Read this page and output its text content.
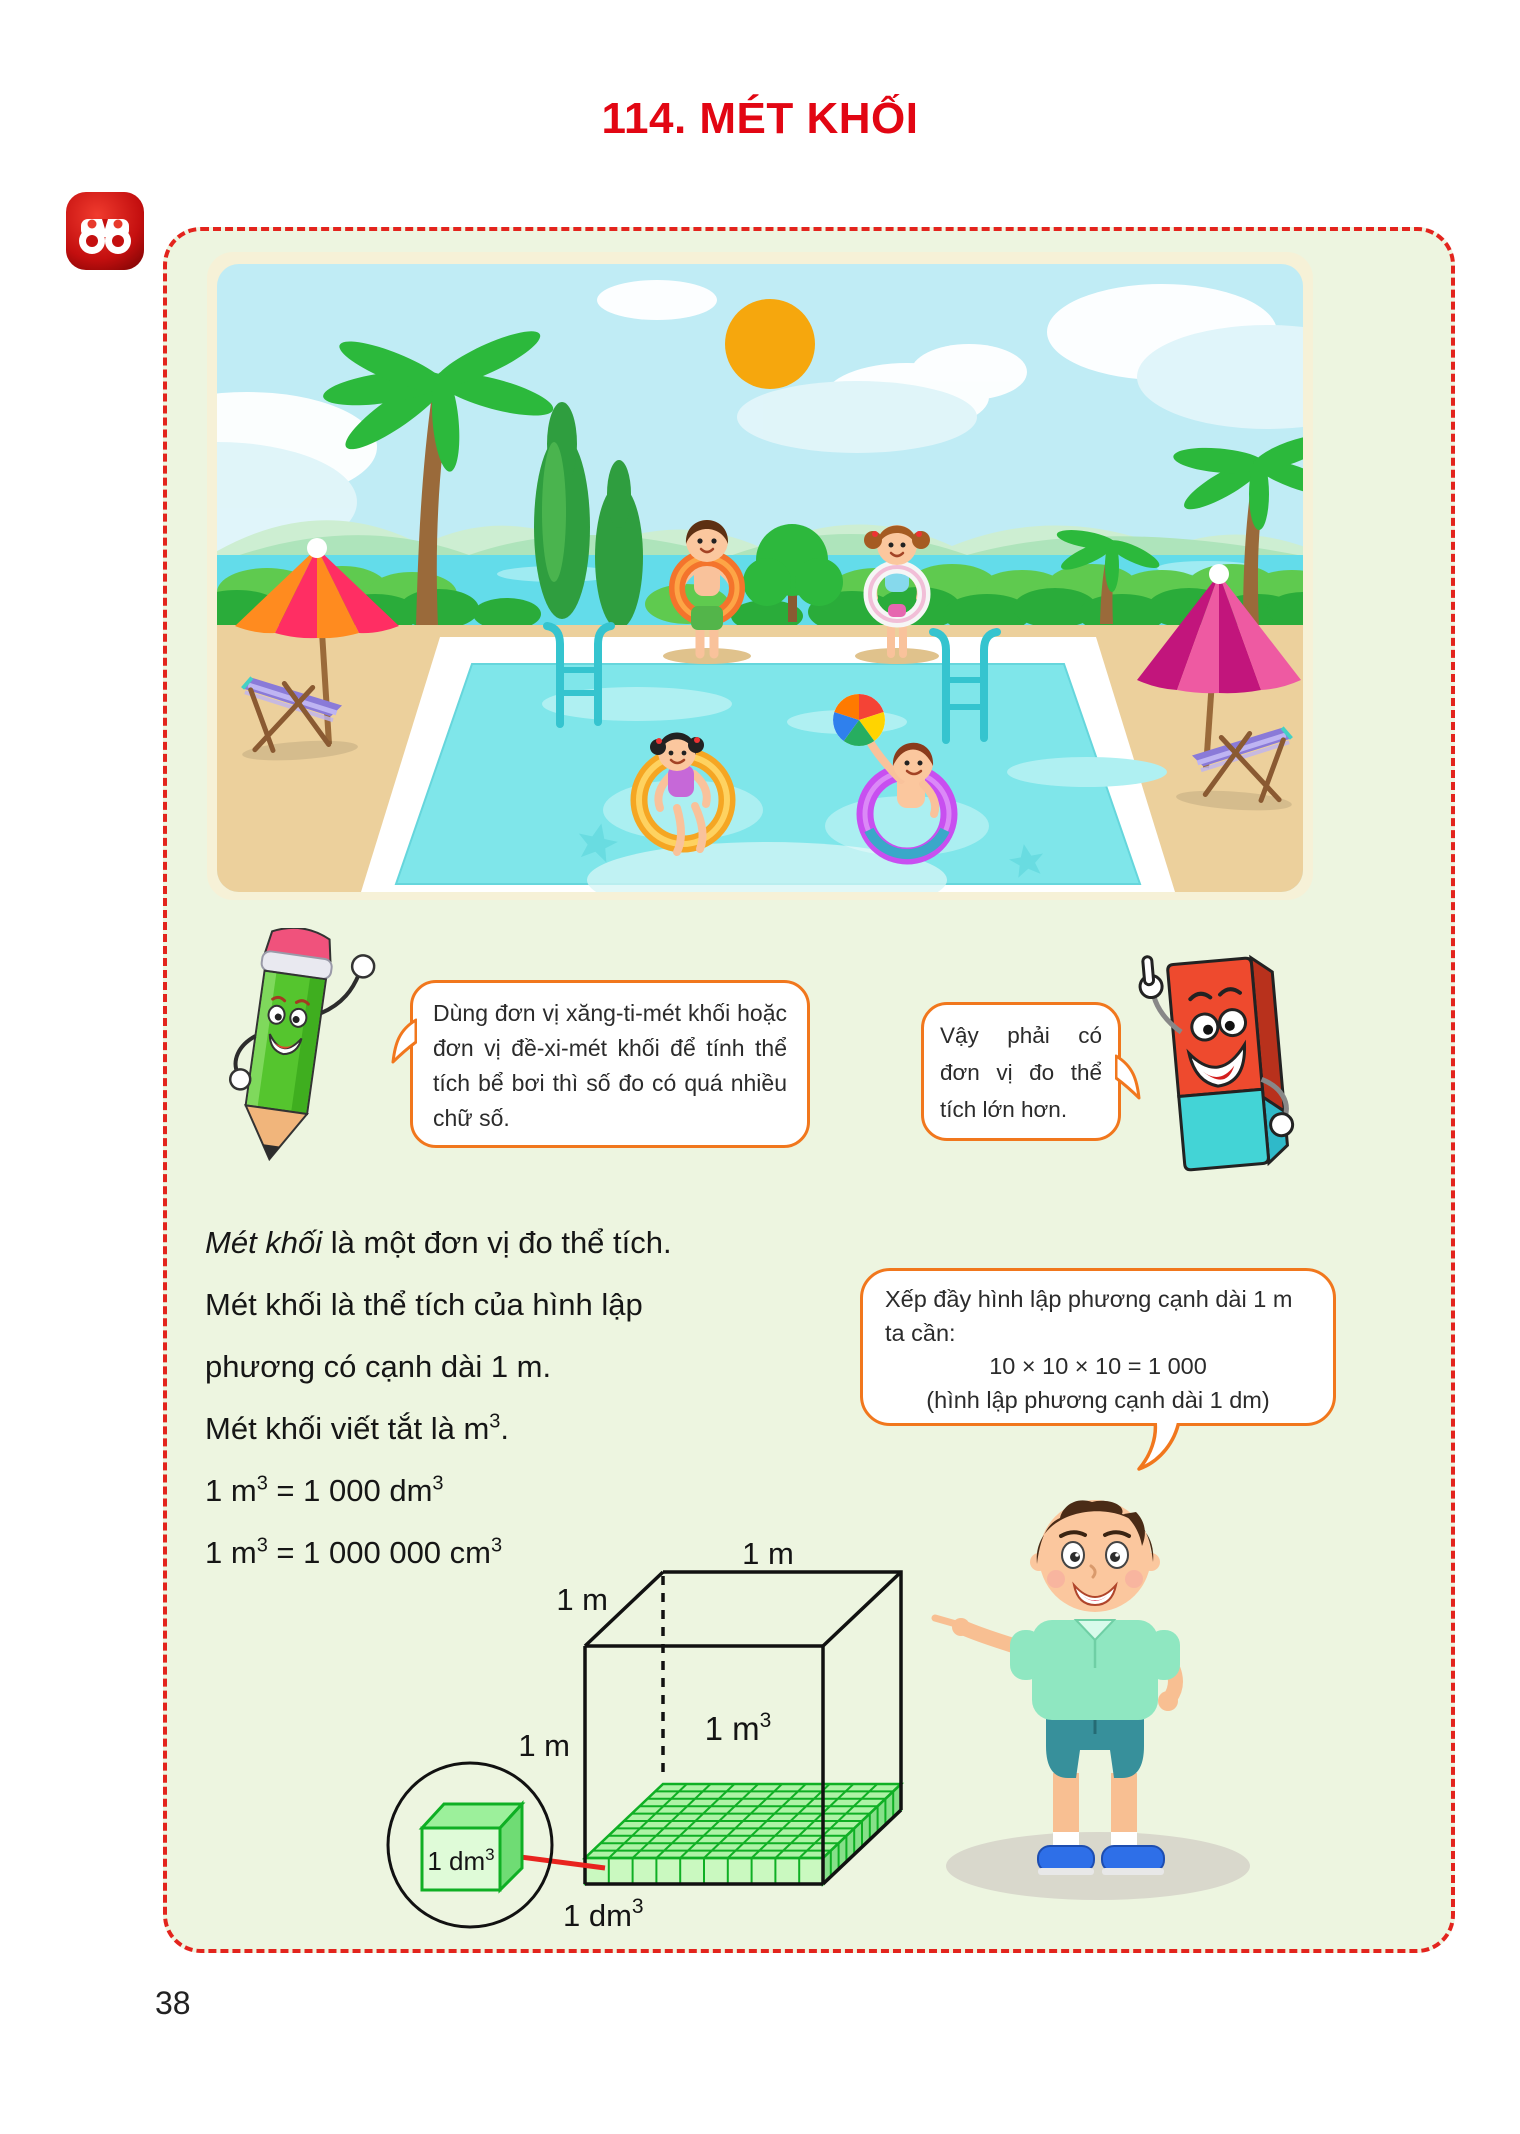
114. MÉT KHỐI
Dùng đơn vị xăng-ti-mét khối hoặc đơn vị đề-xi-mét khối để tính thể tích bể bơi thì số đo có quá nhiều chữ số.
Vậy phải có đơn vị đo thể tích lớn hơn.
Mét khối là một đơn vị đo thể tích.
Mét khối là thể tích của hình lập
phương có cạnh dài 1 m.
Mét khối viết tắt là $m^3$.
1 $m^3 = 1$ 000 $dm^3$
1 $m^3 = 1$ 000 000 $cm^3$
Xếp đầy hình lập phương cạnh dài 1 m
ta cần:
10 × 10 × 10 = 1 000
(hình lập phương cạnh dài 1 dm)
1 m
1 m
1 m	1 $m^3$
1 $dm^3$
1 $dm^3$
38
